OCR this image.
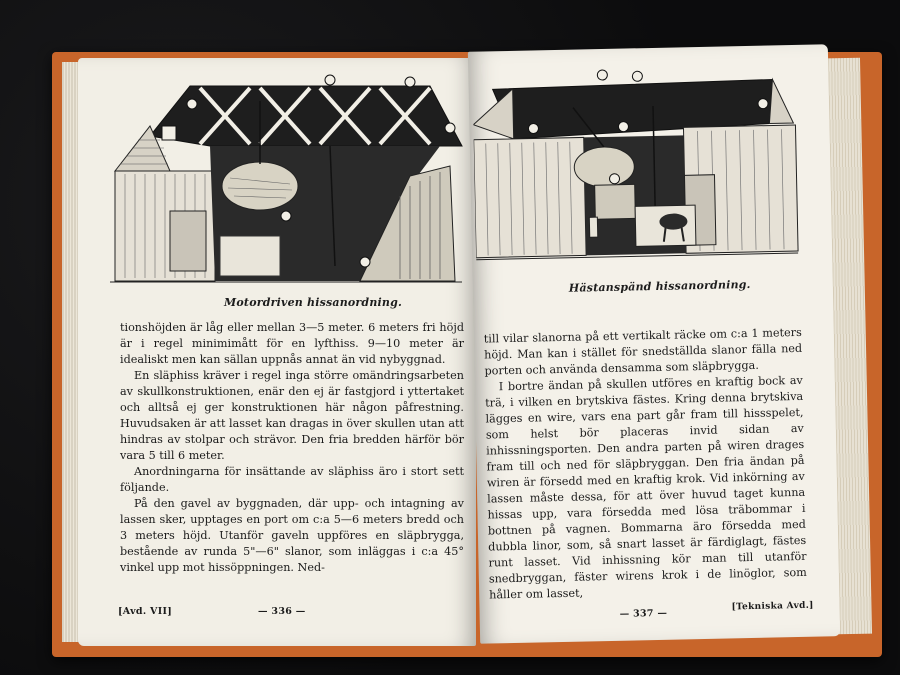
Motordriven hissanordning.

tionshöjden är låg eller mellan 3—5 meter. 6 meters fri höjd är i regel minimimått för en lyfthiss. 9—10 meter är idealiskt men kan sällan uppnås annat än vid nybyggnad.

En släphiss kräver i regel inga större omändringsarbeten av skullkonstruktionen, enär den ej är fastgjord i yttertaket och alltså ej ger konstruktionen här någon påfrestning. Huvudsaken är att lasset kan dragas in över skullen utan att hindras av stolpar och strävor. Den fria bredden härför bör vara 5 till 6 meter.

Anordningarna för insättande av släphiss äro i stort sett följande.

På den gavel av byggnaden, där upp- och intagning av lassen sker, upptages en port om c:a 5—6 meters bredd och 3 meters höjd. Utanför gaveln uppföres en släpbrygga, bestående av runda 5"—6" slanor, som inläggas i c:a 45° vinkel upp mot hissöppningen. Ned-

[Avd. VII]	— 336 —
Hästanspänd hissanordning.

till vilar slanorna på ett vertikalt räcke om c:a 1 meters höjd. Man kan i stället för snedställda slanor fälla ned porten och använda densamma som släpbrygga.

I bortre ändan på skullen utföres en kraftig bock av trä, i vilken en brytskiva fästes. Kring denna brytskiva lägges en wire, vars ena part går fram till hissspelet, som helst bör placeras invid sidan av inhissningsporten. Den andra parten på wiren drages fram till och ned för släpbryggan. Den fria ändan på wiren är försedd med en kraftig krok. Vid inkörning av lassen måste dessa, för att över huvud taget kunna hissas upp, vara försedda med lösa träbommar i bottnen på vagnen. Bommarna äro försedda med dubbla linor, som, så snart lasset är färdiglagt, fästes runt lasset. Vid inhissning kör man till utanför snedbryggan, fäster wirens krok i de linöglor, som håller om lasset,

— 337 —
[Tekniska Avd.]
